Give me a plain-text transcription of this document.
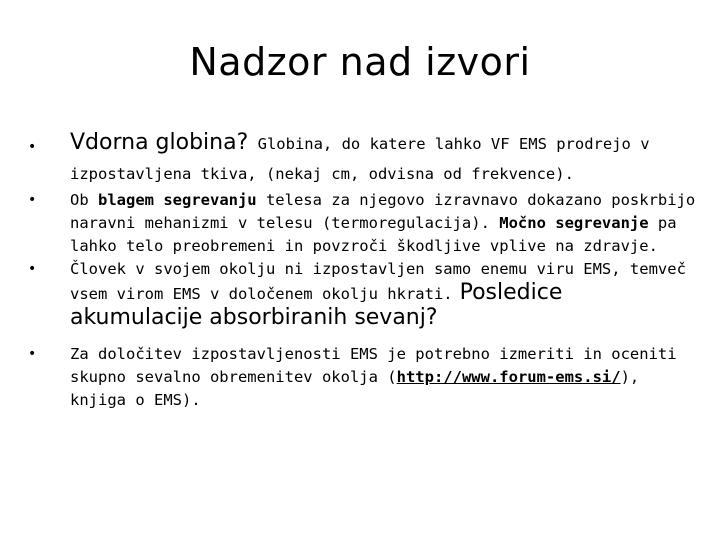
Nadzor nad izvori
• Vdorna globina? Globina, do katere lahko VF EMS prodrejo v izpostavljena tkiva, (nekaj cm, odvisna od frekvence).
• Ob blagem segrevanju telesa za njegovo izravnavo dokazano poskrbijo naravni mehanizmi v telesu (termoregulacija). Močno segrevanje pa lahko telo preobremeni in povzroči škodljive vplive na zdravje.
• Človek v svojem okolju ni izpostavljen samo enemu viru EMS, temveč vsem virom EMS v določenem okolju hkrati. Posledice akumulacije absorbiranih sevanj?
• Za določitev izpostavljenosti EMS je potrebno izmeriti in oceniti skupno sevalno obremenitev okolja (http://www.forum-ems.si/), knjiga o EMS).
